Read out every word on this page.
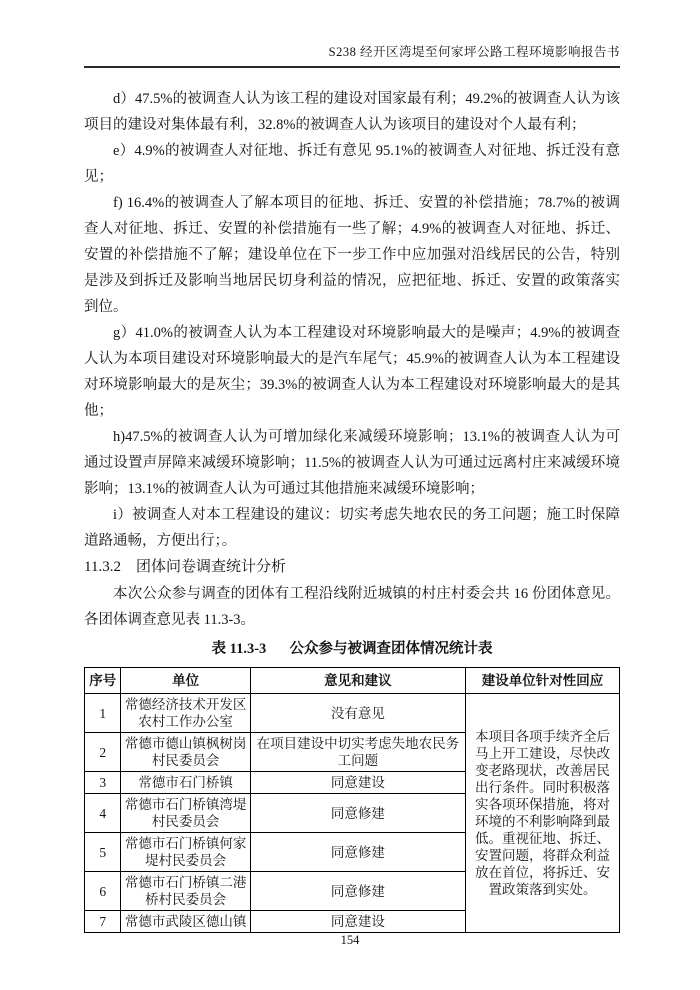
S238 经开区湾堤至何家坪公路工程环境影响报告书

d）47.5%的被调查人认为该工程的建设对国家最有利；49.2%的被调查人认为该项目的建设对集体最有利，32.8%的被调查人认为该项目的建设对个人最有利；

e）4.9%的被调查人对征地、拆迁有意见 95.1%的被调查人对征地、拆迁没有意见；

f) 16.4%的被调查人了解本项目的征地、拆迁、安置的补偿措施；78.7%的被调查人对征地、拆迁、安置的补偿措施有一些了解；4.9%的被调查人对征地、拆迁、安置的补偿措施不了解；建设单位在下一步工作中应加强对沿线居民的公告，特别是涉及到拆迁及影响当地居民切身利益的情况，应把征地、拆迁、安置的政策落实到位。

g）41.0%的被调查人认为本工程建设对环境影响最大的是噪声；4.9%的被调查人认为本项目建设对环境影响最大的是汽车尾气；45.9%的被调查人认为本工程建设对环境影响最大的是灰尘；39.3%的被调查人认为本工程建设对环境影响最大的是其他；

h)47.5%的被调查人认为可增加绿化来减缓环境影响；13.1%的被调查人认为可通过设置声屏障来减缓环境影响；11.5%的被调查人认为可通过远离村庄来减缓环境影响；13.1%的被调查人认为可通过其他措施来减缓环境影响；

i）被调查人对本工程建设的建议：切实考虑失地农民的务工问题；施工时保障道路通畅，方便出行；。

11.3.2 团体问卷调查统计分析

本次公众参与调查的团体有工程沿线附近城镇的村庄村委会共 16 份团体意见。各团体调查意见表 11.3-3。

表 11.3-3 公众参与被调查团体情况统计表
序号	单位	意见和建议	建设单位针对性回应
1	常德经济技术开发区农村工作办公室	没有意见	本项目各项手续齐全后马上开工建设，尽快改变老路现状，改善居民出行条件。同时积极落实各项环保措施，将对环境的不利影响降到最低。重视征地、拆迁、安置问题，将群众利益放在首位，将拆迁、安置政策落到实处。
2	常德市德山镇枫树岗村民委员会	在项目建设中切实考虑失地农民务工问题	
3	常德市石门桥镇	同意建设	
4	常德市石门桥镇湾堤村民委员会	同意修建	
5	常德市石门桥镇何家堤村民委员会	同意修建	
6	常德市石门桥镇二港桥村民委员会	同意修建	
7	常德市武陵区德山镇	同意建设	
154
